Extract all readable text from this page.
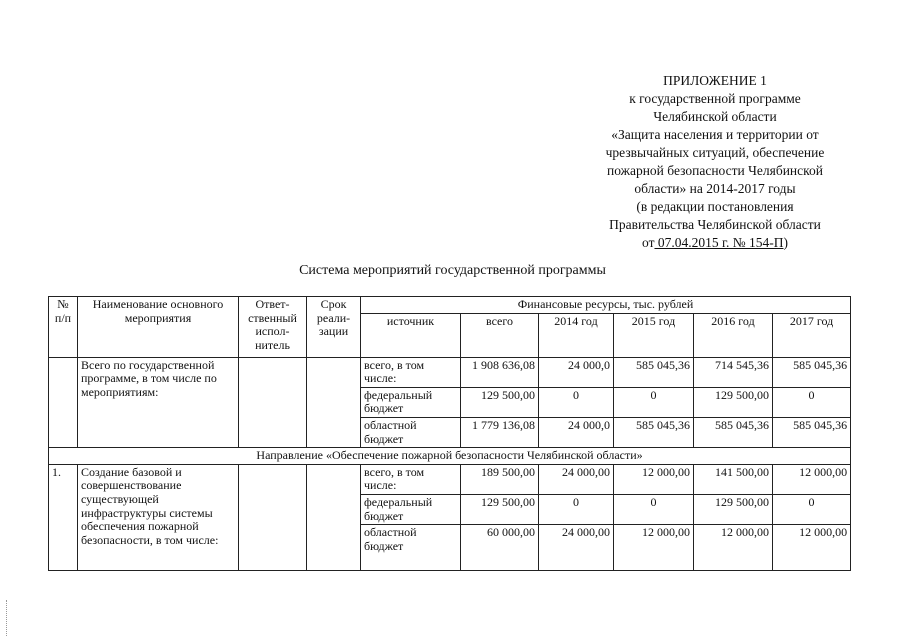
ПРИЛОЖЕНИЕ 1
к государственной программе
Челябинской области
«Защита населения и территории от
чрезвычайных ситуаций, обеспечение
пожарной безопасности Челябинской
области» на 2014-2017 годы
(в редакции постановления
Правительства Челябинской области
от 07.04.2015 г. № 154-П)
Система мероприятий государственной программы
№ п/п	Наименование основного мероприятия	Ответ-ственный испол-нитель	Срок реали-зации	Финансовые ресурсы, тыс. рублей					
				источник	всего	2014 год	2015 год	2016 год	2017 год
	Всего по государственной программе, в том числе по мероприятиям:			всего, в том числе:	1 908 636,08	24 000,0	585 045,36	714 545,36	585 045,36
				федеральный бюджет	129 500,00	0	0	129 500,00	0
				областной бюджет	1 779 136,08	24 000,0	585 045,36	585 045,36	585 045,36
Направление «Обеспечение пожарной безопасности Челябинской области»									
1.	Создание базовой и совершенствование существующей инфраструктуры системы обеспечения пожарной безопасности, в том числе:			всего, в том числе:	189 500,00	24 000,00	12 000,00	141 500,00	12 000,00
				федеральный бюджет	129 500,00	0	0	129 500,00	0
				областной бюджет	60 000,00	24 000,00	12 000,00	12 000,00	12 000,00
